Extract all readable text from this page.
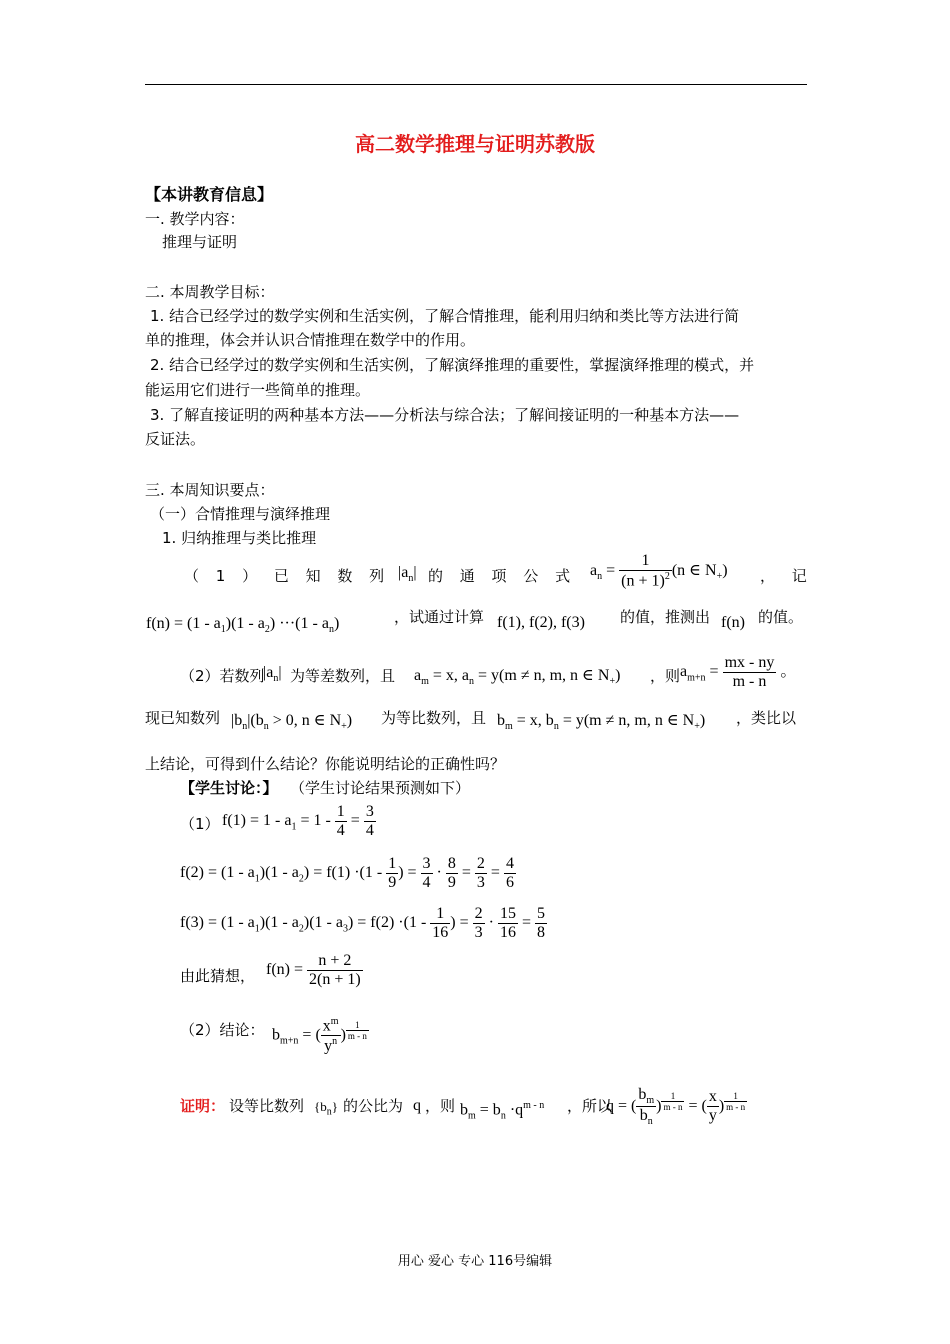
高二数学推理与证明苏教版
【本讲教育信息】
一. 教学内容：
推理与证明
二. 本周教学目标：
1. 结合已经学过的数学实例和生活实例，了解合情推理，能利用归纳和类比等方法进行简
单的推理，体会并认识合情推理在数学中的作用。
2. 结合已经学过的数学实例和生活实例，了解演绎推理的重要性，掌握演绎推理的模式，并
能运用它们进行一些简单的推理。
3. 了解直接证明的两种基本方法——分析法与综合法；了解间接证明的一种基本方法——
反证法。
三. 本周知识要点：
（一）合情推理与演绎推理
1. 归纳推理与类比推理
（ 1 ） 已 知 数 列 $|a_n|$ 的 通 项 公 式 $a_n = \frac{1}{(n + 1)^2} (n$ ∈ $N_+$) ， 记
$f(n) = (1 - a_1)(1 - a_2) \cdot\cdot\cdot(1 - a_n)$	，试通过计算 f(1), f(2), f(3) 的值，推测出 f(n) 的值。
（2）若数列
$|a_n|$ 为等差数列，且 $a_m = x$, $a_n = y(m \ne n$, m, n ∈ $N_+$) ，则 $a_{m+n} = \frac{mx - ny}{m - n}$ 。
现已知数列 $|b_n|(b_n > 0$, n ∈ $N_+$) 为等比数列，且 $b_m = x$, $b_n = y(m \ne n$, m, n ∈ $N_+$) ，类比以
上结论，可得到什么结论？你能说明结论的正确性吗？
【学生讨论：】 （学生讨论结果预测如下）
（1） $f(1) = 1 - a_1 = 1 - \frac{1}{4} = \frac{3}{4}$
$f(2) = (1 - a_1)(1 - a_2) = f(1) \cdot(1 - \frac{1}{9}$ ) = $\frac{3}{4} \cdot \frac{8}{9} = \frac{2}{3} = \frac{4}{6}$
$f(3) = (1 - a_1)(1 - a_2)(1 - a_3) = f(2) \cdot(1 - \frac{1}{16}$ ) = $\frac{2}{3} \cdot \frac{15}{16} = \frac{5}{8}$
由此猜想， $f(n) = \frac{n + 2}{2(n + 1)}$
（2）结论： $b_{m+n}$ = ( $\frac{x^m}{y^n}$ ) $^{\frac{1}{m - n}}$
证明： 设等比数列 $\{b_n\}$ 的公比为 q ，则 $b_m = b_n \cdot q^{m - n}$ ，所以
q = ( $\frac{b_m}{b_n}$ ) $^{\frac{1}{m - n}}$ = ( $\frac{x}{y}$ ) $^{\frac{1}{m - n}}$
用心 爱心 专心 116号编辑
